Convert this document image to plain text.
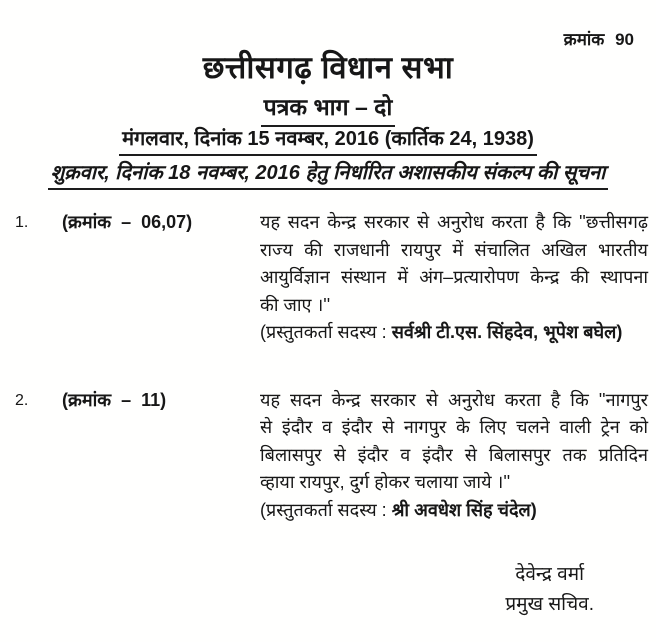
क्रमांक 90
छत्तीसगढ़ विधान सभा
पत्रक भाग – दो
मंगलवार, दिनांक 15 नवम्बर, 2016 (कार्तिक 24, 1938)
शुक्रवार, दिनांक 18 नवम्बर, 2016 हेतु निर्धारित अशासकीय संकल्प की सूचना
1.	(क्रमांक – 06,07)	यह सदन केन्द्र सरकार से अनुरोध करता है कि ''छत्तीसगढ़
राज्य की राजधानी रायपुर में संचालित अखिल भारतीय
आयुर्विज्ञान संस्थान में अंग–प्रत्यारोपण केन्द्र की स्थापना
की जाए ।''
(प्रस्तुतकर्ता सदस्य : सर्वश्री टी.एस. सिंहदेव, भूपेश बघेल)
2.	(क्रमांक – 11)	यह सदन केन्द्र सरकार से अनुरोध करता है कि ''नागपुर
से इंदौर व इंदौर से नागपुर के लिए चलने वाली ट्रेन को
बिलासपुर से इंदौर व इंदौर से बिलासपुर तक प्रतिदिन
व्हाया रायपुर, दुर्ग होकर चलाया जाये ।''
(प्रस्तुतकर्ता सदस्य : श्री अवधेश सिंह चंदेल)
देवेन्द्र वर्मा
प्रमुख सचिव.
